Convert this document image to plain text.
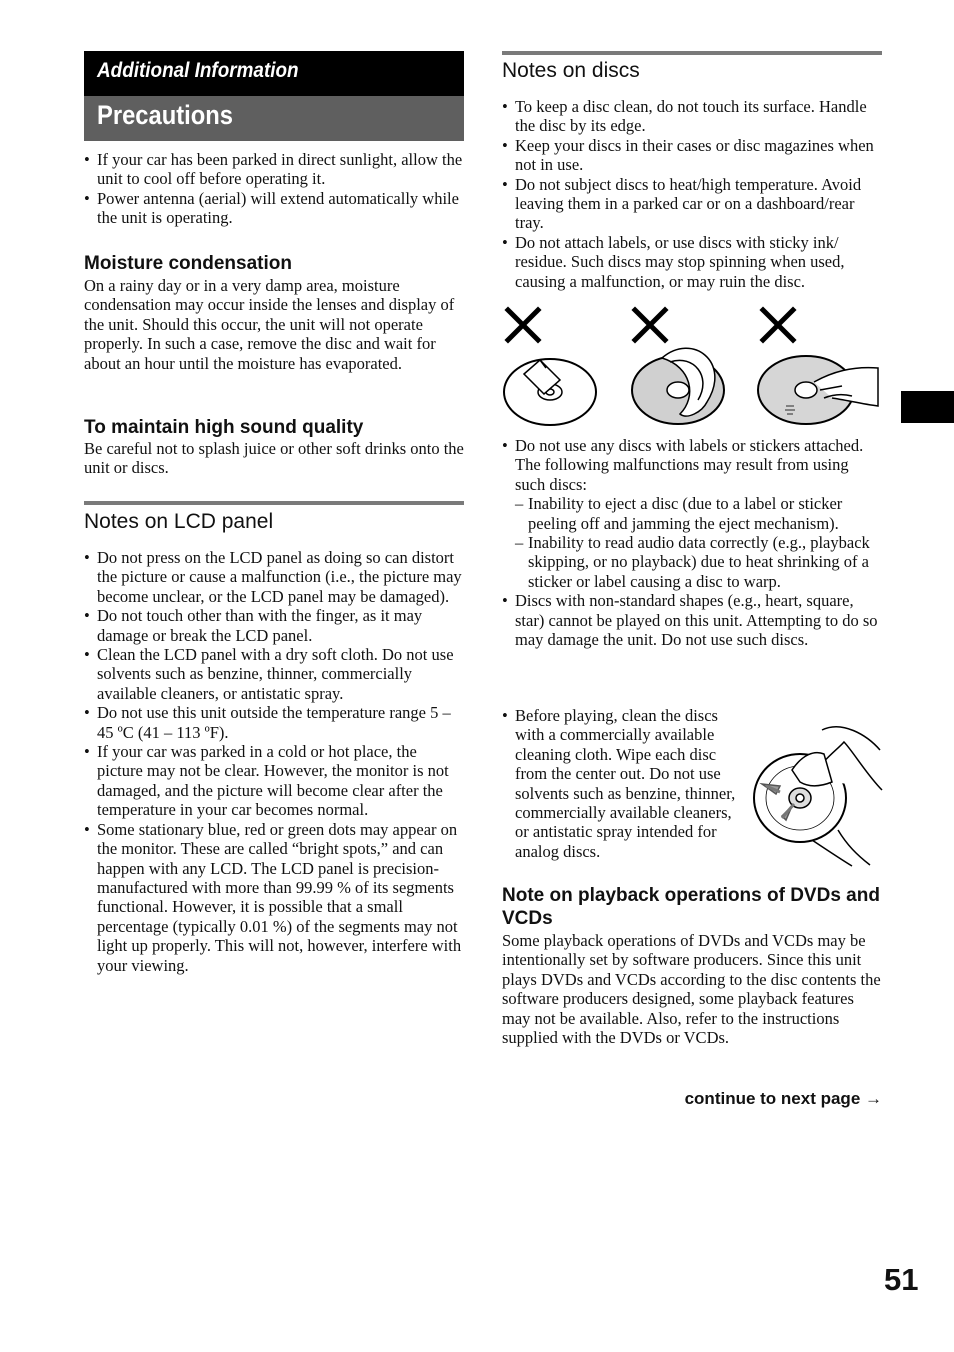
Additional Information
Precautions
• If your car has been parked in direct sunlight, allow the unit to cool off before operating it.
• Power antenna (aerial) will extend automatically while the unit is operating.
Moisture condensation

On a rainy day or in a very damp area, moisture condensation may occur inside the lenses and display of the unit. Should this occur, the unit will not operate properly. In such a case, remove the disc and wait for about an hour until the moisture has evaporated.

To maintain high sound quality

Be careful not to splash juice or other soft drinks onto the unit or discs.

Notes on LCD panel
• Do not press on the LCD panel as doing so can distort the picture or cause a malfunction (i.e., the picture may become unclear, or the LCD panel may be damaged).
• Do not touch other than with the finger, as it may damage or break the LCD panel.
• Clean the LCD panel with a dry soft cloth. Do not use solvents such as benzine, thinner, commercially available cleaners, or antistatic spray.
• Do not use this unit outside the temperature range 5 – 45 ºC (41 – 113 ºF).
• If your car was parked in a cold or hot place, the picture may not be clear. However, the monitor is not damaged, and the picture will become clear after the temperature in your car becomes normal.
• Some stationary blue, red or green dots may appear on the monitor. These are called “bright spots,” and can happen with any LCD. The LCD panel is precision-manufactured with more than 99.99 % of its segments functional. However, it is possible that a small percentage (typically 0.01 %) of the segments may not light up properly. This will not, however, interfere with your viewing.
Notes on discs
• To keep a disc clean, do not touch its surface. Handle the disc by its edge.
• Keep your discs in their cases or disc magazines when not in use.
• Do not subject discs to heat/high temperature. Avoid leaving them in a parked car or on a dashboard/rear tray.
• Do not attach labels, or use discs with sticky ink/ residue. Such discs may stop spinning when used, causing a malfunction, or may ruin the disc.
• Do not use any discs with labels or stickers attached.
The following malfunctions may result from using such discs:
– Inability to eject a disc (due to a label or sticker peeling off and jamming the eject mechanism).
– Inability to read audio data correctly (e.g., playback skipping, or no playback) due to heat shrinking of a sticker or label causing a disc to warp.
• Discs with non-standard shapes (e.g., heart, square, star) cannot be played on this unit. Attempting to do so may damage the unit. Do not use such discs.
• Before playing, clean the discs with a commercially available cleaning cloth. Wipe each disc from the center out. Do not use solvents such as benzine, thinner, commercially available cleaners, or antistatic spray intended for analog discs.
Note on playback operations of DVDs and VCDs

Some playback operations of DVDs and VCDs may be intentionally set by software producers. Since this unit plays DVDs and VCDs according to the disc contents the software producers designed, some playback features may not be available. Also, refer to the instructions supplied with the DVDs or VCDs.

continue to next page →
51
